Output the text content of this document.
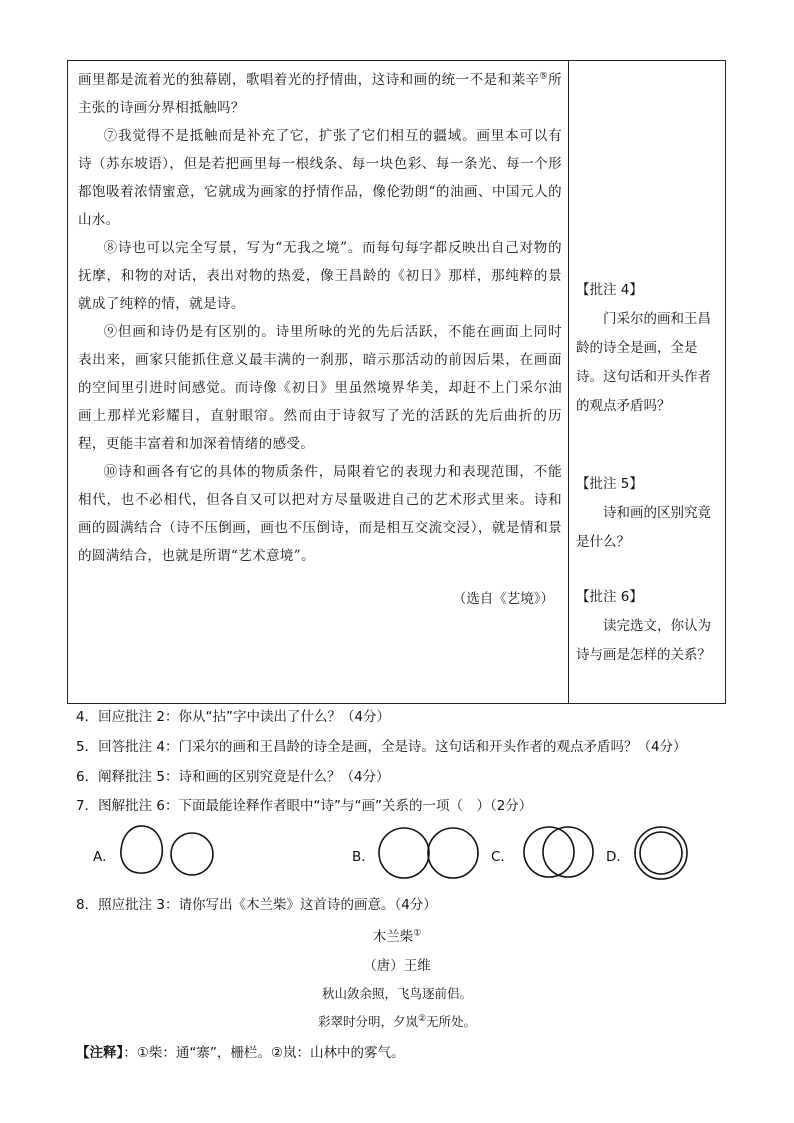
画里都是流着光的独幕剧，歌唱着光的抒情曲，这诗和画的统一不是和莱辛⑤所主张的诗画分界相抵触吗？

⑦我觉得不是抵触而是补充了它，扩张了它们相互的疆域。画里本可以有诗（苏东坡语），但是若把画里每一根线条、每一块色彩、每一条光、每一个形都饱吸着浓情蜜意，它就成为画家的抒情作品，像伦勃朗“的油画、中国元人的山水。

⑧诗也可以完全写景，写为“无我之境”。而每句每字都反映出自己对物的抚摩，和物的对话，表出对物的热爱，像王昌龄的《初日》那样，那纯粹的景就成了纯粹的情，就是诗。

⑨但画和诗仍是有区别的。诗里所咏的光的先后活跃，不能在画面上同时表出来，画家只能抓住意义最丰满的一刹那，暗示那活动的前因后果，在画面的空间里引进时间感觉。而诗像《初日》里虽然境界华美，却赶不上门采尔油画上那样光彩耀目，直射眼帘。然而由于诗叙写了光的活跃的先后曲折的历程，更能丰富着和加深着情绪的感受。

⑩诗和画各有它的具体的物质条件，局限着它的表现力和表现范围，不能相代，也不必相代，但各自又可以把对方尽量吸进自己的艺术形式里来。诗和画的圆满结合（诗不压倒画，画也不压倒诗，而是相互交流交浸），就是情和景的圆满结合，也就是所谓“艺术意境”。

（选自《艺境》）

【批注 4】

门采尔的画和王昌龄的诗全是画，全是诗。这句话和开头作者的观点矛盾吗？

【批注 5】

诗和画的区别究竟是什么？

【批注 6】

读完选文，你认为诗与画是怎样的关系？

4．回应批注 2：你从“拈”字中读出了什么？（4分）
5．回答批注 4：门采尔的画和王昌龄的诗全是画，全是诗。这句话和开头作者的观点矛盾吗？（4分）
6．阐释批注 5：诗和画的区别究竟是什么？（4分）
7．图解批注 6：下面最能诠释作者眼中“诗”与“画”关系的一项（　）（2分）
8．照应批注 3：请你写出《木兰柴》这首诗的画意。（4分）
A．	B．	C．	D．
木兰柴①
（唐）王维
秋山敛余照，飞鸟逐前侣。
彩翠时分明，夕岚②无所处。
【注释】：①柴：通“寨”，栅栏。②岚：山林中的雾气。
